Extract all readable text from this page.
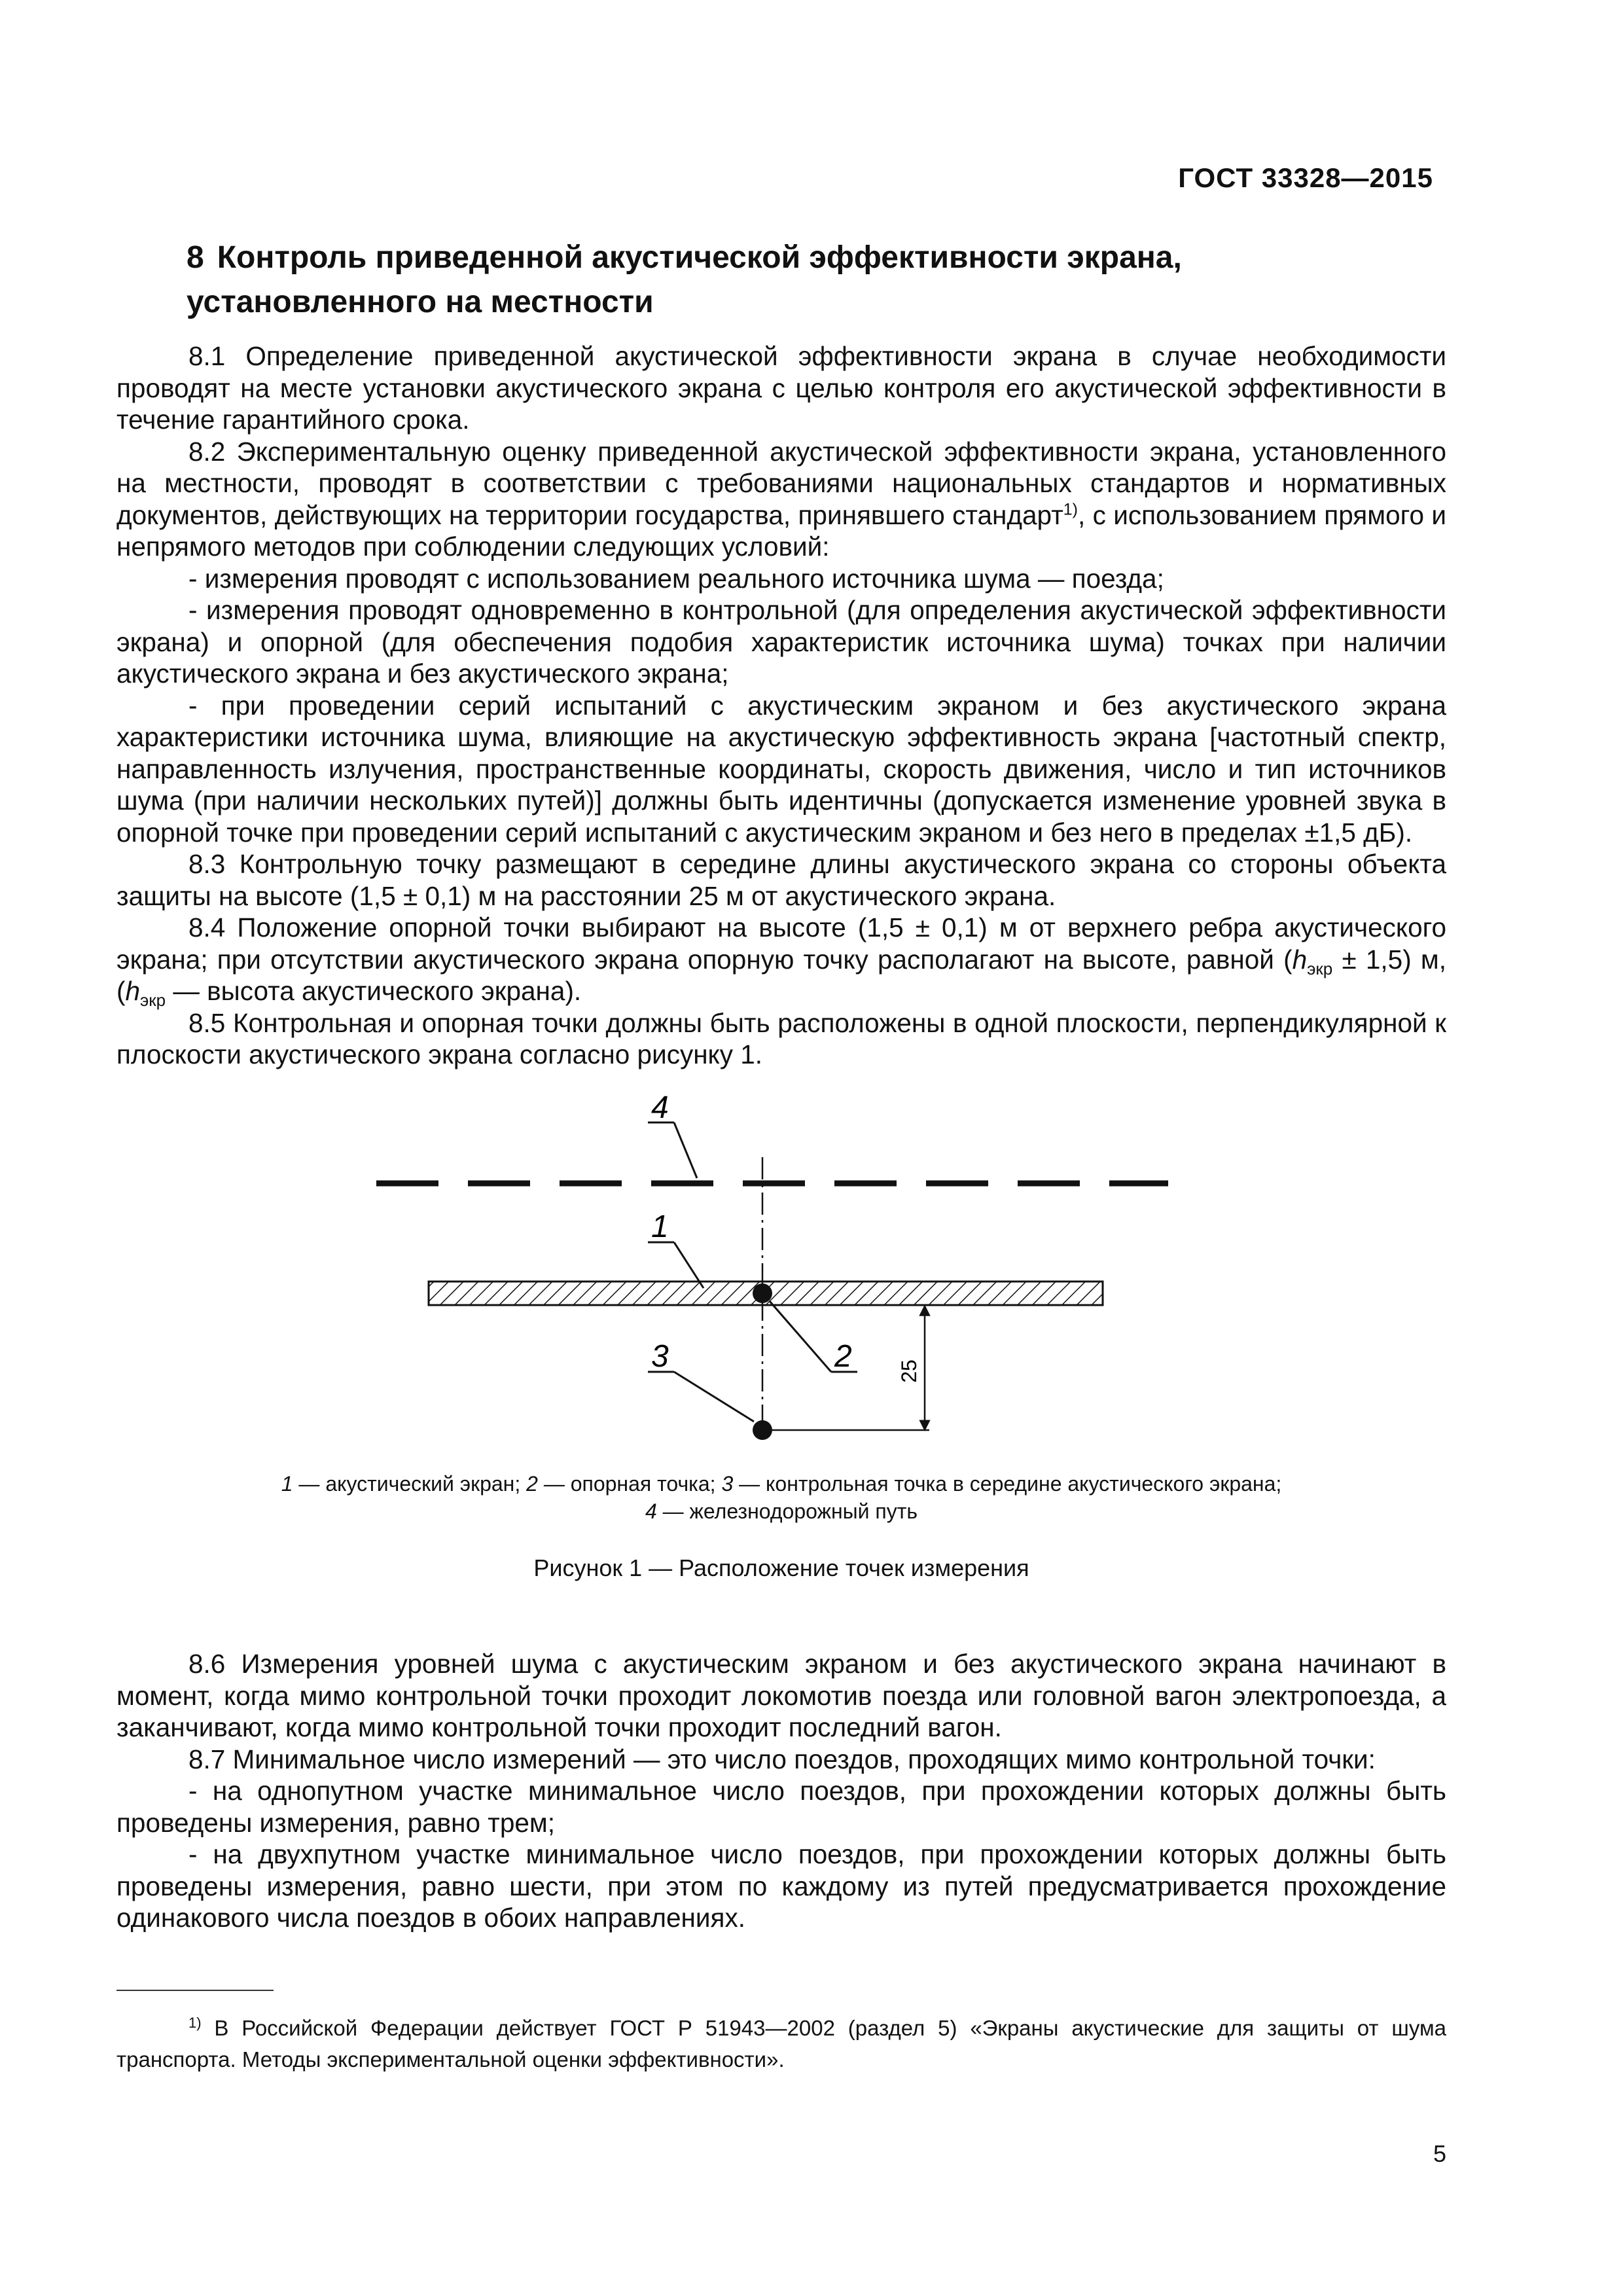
ГОСТ 33328—2015
8 Контроль приведенной акустической эффективности экрана, установленного на местности

8.1 Определение приведенной акустической эффективности экрана в случае необходимости проводят на месте установки акустического экрана с целью контроля его акустической эффективности в течение гарантийного срока.

8.2 Экспериментальную оценку приведенной акустической эффективности экрана, установленного на местности, проводят в соответствии с требованиями национальных стандартов и нормативных документов, действующих на территории государства, принявшего стандарт$^{1)}$, с использованием прямого и непрямого методов при соблюдении следующих условий:

- измерения проводят с использованием реального источника шума — поезда;

- измерения проводят одновременно в контрольной (для определения акустической эффективности экрана) и опорной (для обеспечения подобия характеристик источника шума) точках при наличии акустического экрана и без акустического экрана;

- при проведении серий испытаний с акустическим экраном и без акустического экрана характеристики источника шума, влияющие на акустическую эффективность экрана [частотный спектр, направленность излучения, пространственные координаты, скорость движения, число и тип источников шума (при наличии нескольких путей)] должны быть идентичны (допускается изменение уровней звука в опорной точке при проведении серий испытаний с акустическим экраном и без него в пределах ±1,5 дБ).

8.3 Контрольную точку размещают в середине длины акустического экрана со стороны объекта защиты на высоте (1,5 ± 0,1) м на расстоянии 25 м от акустического экрана.

8.4 Положение опорной точки выбирают на высоте (1,5 ± 0,1) м от верхнего ребра акустического экрана; при отсутствии акустического экрана опорную точку располагают на высоте, равной $(h_{экр} \pm 1,5)$ м, ($h_{экр}$ — высота акустического экрана).

8.5 Контрольная и опорная точки должны быть расположены в одной плоскости, перпендикулярной к плоскости акустического экрана согласно рисунку 1.

25
4
1
3	2
1 — акустический экран; 2 — опорная точка; 3 — контрольная точка в середине акустического экрана;
4 — железнодорожный путь
Рисунок 1 — Расположение точек измерения

8.6 Измерения уровней шума с акустическим экраном и без акустического экрана начинают в момент, когда мимо контрольной точки проходит локомотив поезда или головной вагон электропоезда, а заканчивают, когда мимо контрольной точки проходит последний вагон.

8.7 Минимальное число измерений — это число поездов, проходящих мимо контрольной точки:

- на однопутном участке минимальное число поездов, при прохождении которых должны быть проведены измерения, равно трем;

- на двухпутном участке минимальное число поездов, при прохождении которых должны быть проведены измерения, равно шести, при этом по каждому из путей предусматривается прохождение одинакового числа поездов в обоих направлениях.

$^{1)}$ В Российской Федерации действует ГОСТ Р 51943—2002 (раздел 5) «Экраны акустические для защиты от шума транспорта. Методы экспериментальной оценки эффективности».
5
